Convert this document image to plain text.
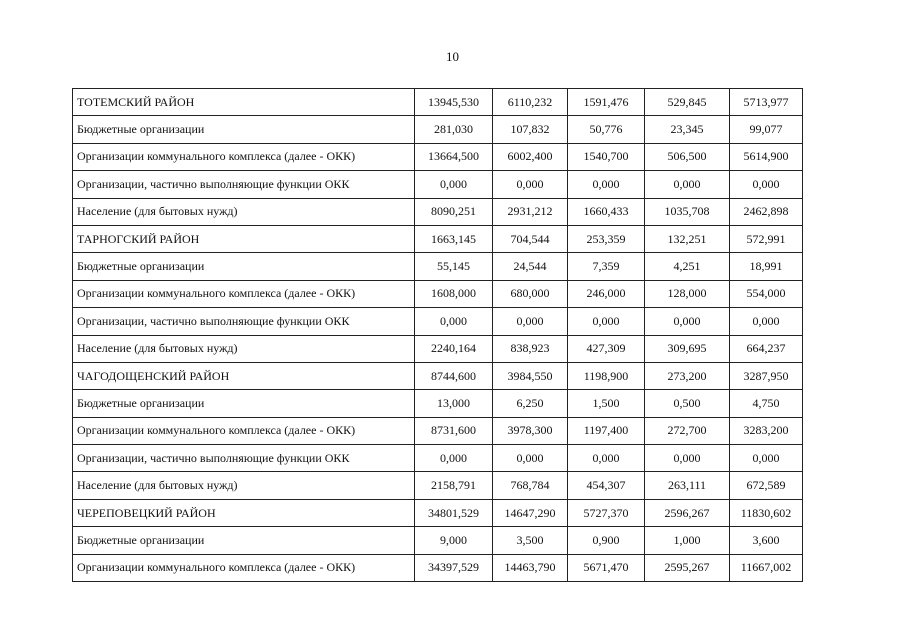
10
ТОТЕМСКИЙ РАЙОН	13945,530	6110,232	1591,476	529,845	5713,977
Бюджетные организации	281,030	107,832	50,776	23,345	99,077
Организации коммунального комплекса (далее - ОКК)	13664,500	6002,400	1540,700	506,500	5614,900
Организации, частично выполняющие функции ОКК	0,000	0,000	0,000	0,000	0,000
Население (для бытовых нужд)	8090,251	2931,212	1660,433	1035,708	2462,898
ТАРНОГСКИЙ РАЙОН	1663,145	704,544	253,359	132,251	572,991
Бюджетные организации	55,145	24,544	7,359	4,251	18,991
Организации коммунального комплекса (далее - ОКК)	1608,000	680,000	246,000	128,000	554,000
Организации, частично выполняющие функции ОКК	0,000	0,000	0,000	0,000	0,000
Население (для бытовых нужд)	2240,164	838,923	427,309	309,695	664,237
ЧАГОДОЩЕНСКИЙ РАЙОН	8744,600	3984,550	1198,900	273,200	3287,950
Бюджетные организации	13,000	6,250	1,500	0,500	4,750
Организации коммунального комплекса (далее - ОКК)	8731,600	3978,300	1197,400	272,700	3283,200
Организации, частично выполняющие функции ОКК	0,000	0,000	0,000	0,000	0,000
Население (для бытовых нужд)	2158,791	768,784	454,307	263,111	672,589
ЧЕРЕПОВЕЦКИЙ РАЙОН	34801,529	14647,290	5727,370	2596,267	11830,602
Бюджетные организации	9,000	3,500	0,900	1,000	3,600
Организации коммунального комплекса (далее - ОКК)	34397,529	14463,790	5671,470	2595,267	11667,002
